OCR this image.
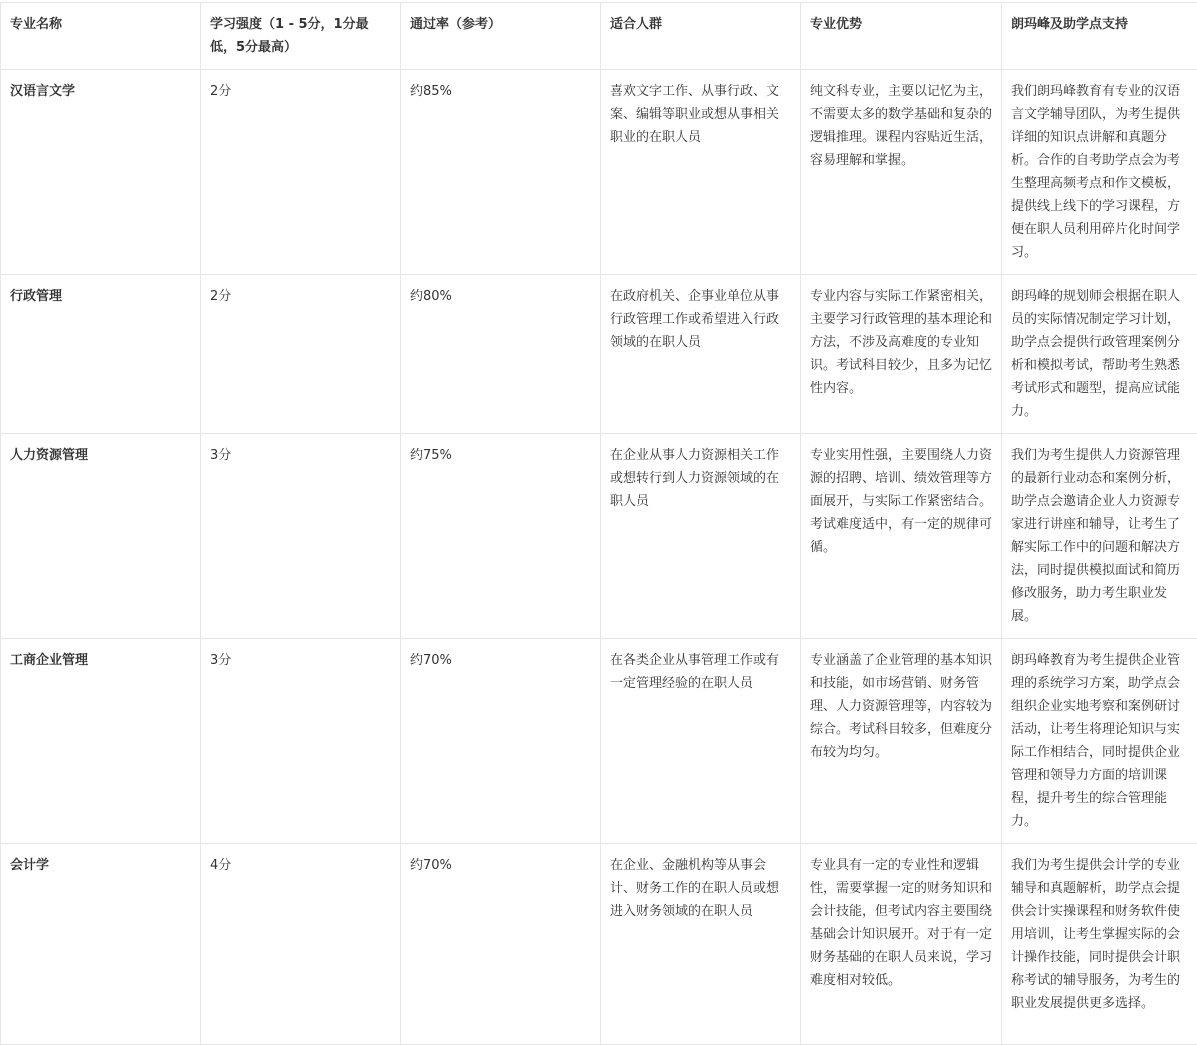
专业名称	学习强度（1 - 5分，1分最低，5分最高）	通过率（参考）	适合人群	专业优势	朗玛峰及助学点支持
汉语言文学	2分	约85%	喜欢文字工作、从事行政、文案、编辑等职业或想从事相关职业的在职人员	纯文科专业，主要以记忆为主，不需要太多的数学基础和复杂的逻辑推理。课程内容贴近生活，容易理解和掌握。	我们朗玛峰教育有专业的汉语言文学辅导团队，为考生提供详细的知识点讲解和真题分析。合作的自考助学点会为考生整理高频考点和作文模板，提供线上线下的学习课程，方便在职人员利用碎片化时间学习。
行政管理	2分	约80%	在政府机关、企事业单位从事行政管理工作或希望进入行政领域的在职人员	专业内容与实际工作紧密相关，主要学习行政管理的基本理论和方法，不涉及高难度的专业知识。考试科目较少，且多为记忆性内容。	朗玛峰的规划师会根据在职人员的实际情况制定学习计划，助学点会提供行政管理案例分析和模拟考试，帮助考生熟悉考试形式和题型，提高应试能力。
人力资源管理	3分	约75%	在企业从事人力资源相关工作或想转行到人力资源领域的在职人员	专业实用性强，主要围绕人力资源的招聘、培训、绩效管理等方面展开，与实际工作紧密结合。考试难度适中，有一定的规律可循。	我们为考生提供人力资源管理的最新行业动态和案例分析，助学点会邀请企业人力资源专家进行讲座和辅导，让考生了解实际工作中的问题和解决方法，同时提供模拟面试和简历修改服务，助力考生职业发展。
工商企业管理	3分	约70%	在各类企业从事管理工作或有一定管理经验的在职人员	专业涵盖了企业管理的基本知识和技能，如市场营销、财务管理、人力资源管理等，内容较为综合。考试科目较多，但难度分布较为均匀。	朗玛峰教育为考生提供企业管理的系统学习方案，助学点会组织企业实地考察和案例研讨活动，让考生将理论知识与实际工作相结合，同时提供企业管理和领导力方面的培训课程，提升考生的综合管理能力。
会计学	4分	约70%	在企业、金融机构等从事会计、财务工作的在职人员或想进入财务领域的在职人员	专业具有一定的专业性和逻辑性，需要掌握一定的财务知识和会计技能，但考试内容主要围绕基础会计知识展开。对于有一定财务基础的在职人员来说，学习难度相对较低。	我们为考生提供会计学的专业辅导和真题解析，助学点会提供会计实操课程和财务软件使用培训，让考生掌握实际的会计操作技能，同时提供会计职称考试的辅导服务，为考生的职业发展提供更多选择。
